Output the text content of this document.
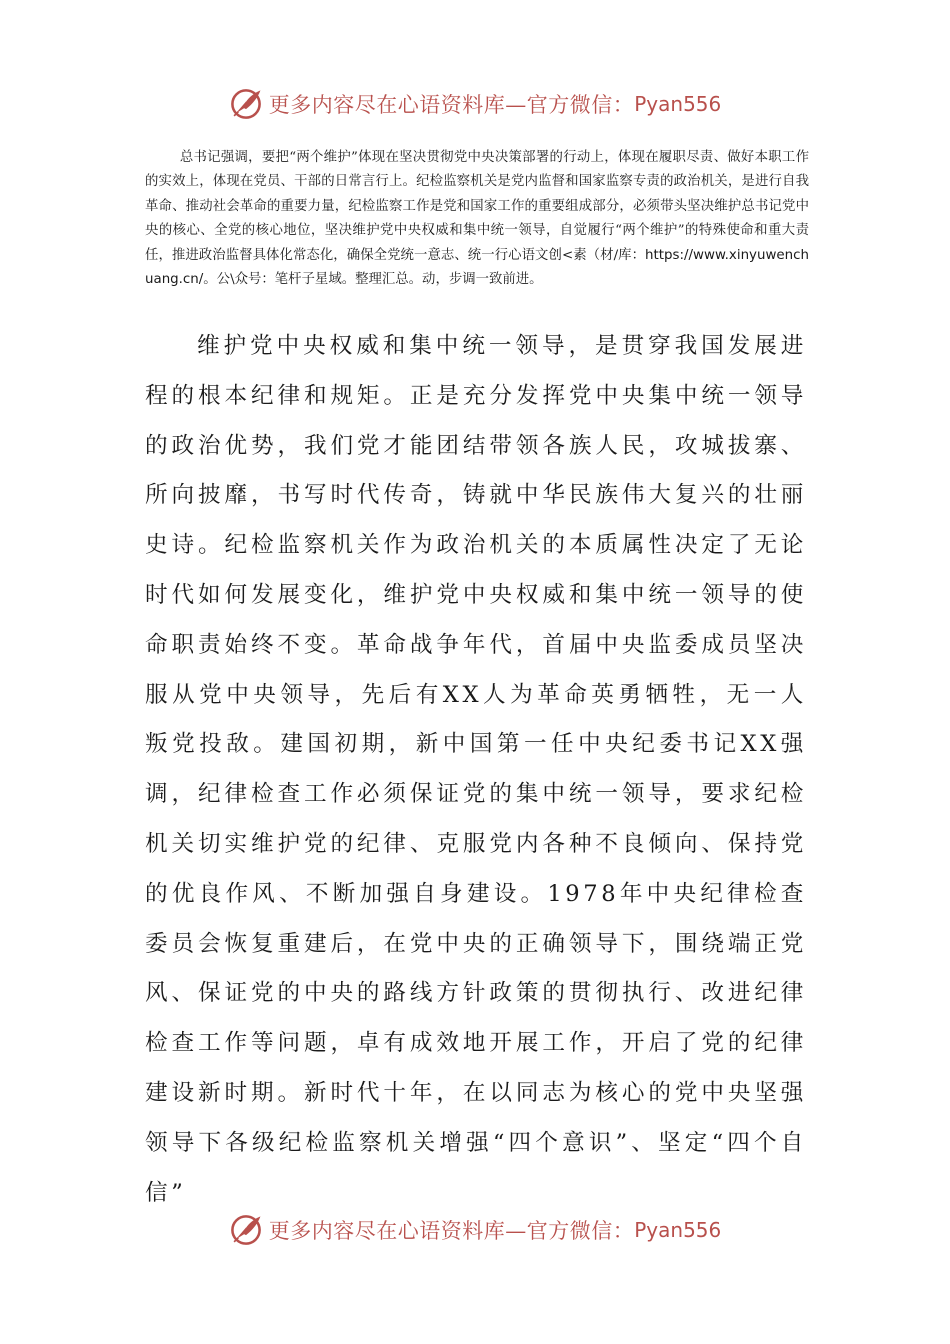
更多内容尽在心语资料库—官方微信： Pyan556

总书记强调，要把“两个维护”体现在坚决贯彻党中央决策部署的行动上，体现在履职尽责、做好本职工作的实效上，体现在党员、干部的日常言行上。纪检监察机关是党内监督和国家监察专责的政治机关，是进行自我革命、推动社会革命的重要力量，纪检监察工作是党和国家工作的重要组成部分，必须带头坚决维护总书记党中央的核心、全党的核心地位，坚决维护党中央权威和集中统一领导，自觉履行“两个维护”的特殊使命和重大责任，推进政治监督具体化常态化，确保全党统一意志、统一行心语文创<素（材/库：https://www.xinyuwenchuang.cn/。公\众号：笔杆子星域。整理汇总。动，步调一致前进。

维护党中央权威和集中统一领导，是贯穿我国发展进程的根本纪律和规矩。正是充分发挥党中央集中统一领导的政治优势，我们党才能团结带领各族人民，攻城拔寨、所向披靡，书写时代传奇，铸就中华民族伟大复兴的壮丽史诗。纪检监察机关作为政治机关的本质属性决定了无论时代如何发展变化，维护党中央权威和集中统一领导的使命职责始终不变。革命战争年代，首届中央监委成员坚决服从党中央领导，先后有XX人为革命英勇牺牲，无一人叛党投敌。建国初期，新中国第一任中央纪委书记XX强调，纪律检查工作必须保证党的集中统一领导，要求纪检机关切实维护党的纪律、克服党内各种不良倾向、保持党的优良作风、不断加强自身建设。1978年中央纪律检查委员会恢复重建后，在党中央的正确领导下，围绕端正党风、保证党的中央的路线方针政策的贯彻执行、改进纪律检查工作等问题，卓有成效地开展工作，开启了党的纪律建设新时期。新时代十年，在以同志为核心的党中央坚强领导下各级纪检监察机关增强“四个意识”、坚定“四个自信”

更多内容尽在心语资料库—官方微信： Pyan556
